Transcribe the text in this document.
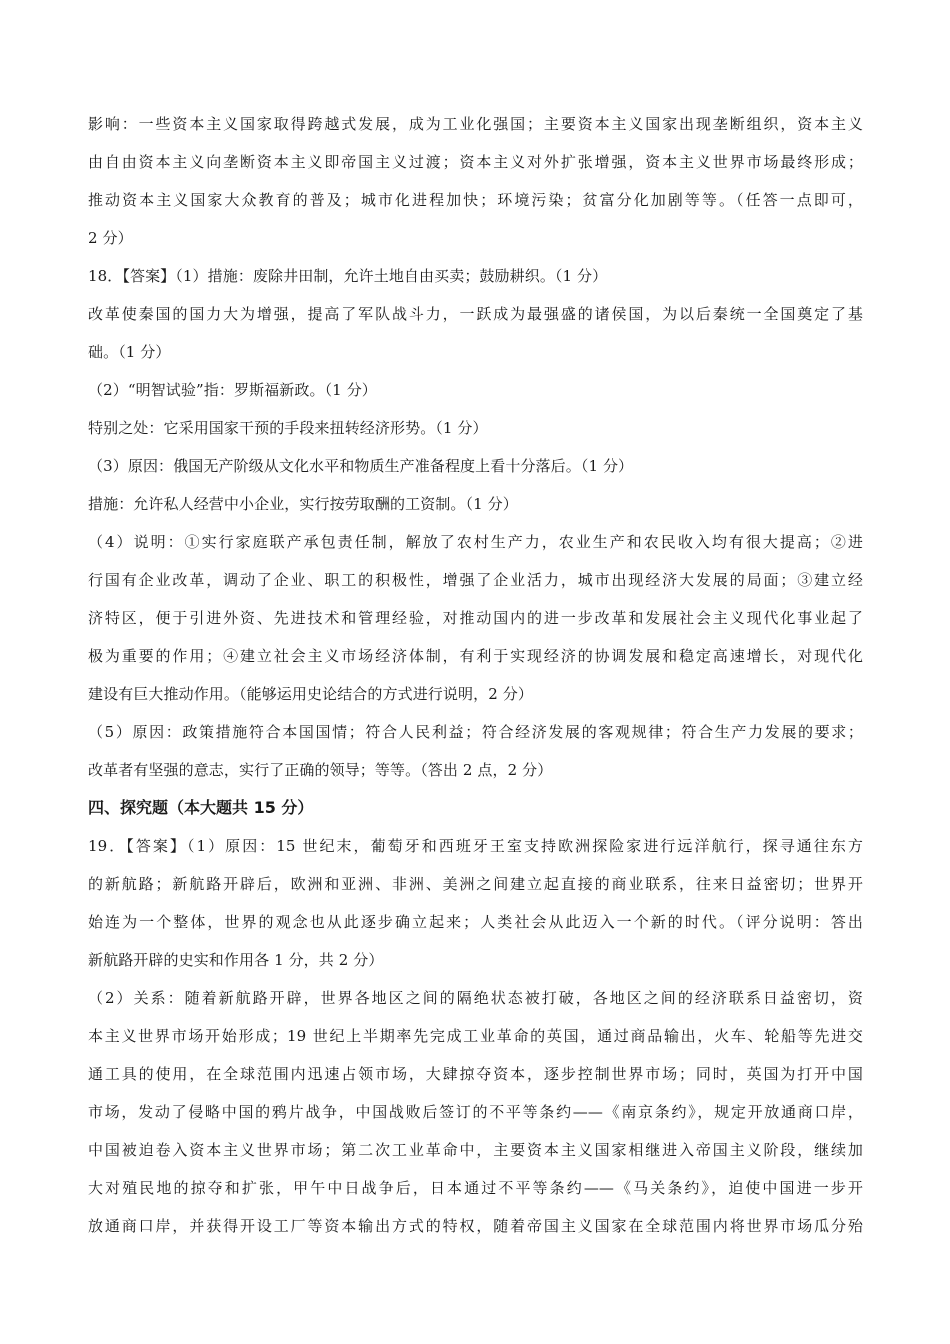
影响：一些资本主义国家取得跨越式发展，成为工业化强国；主要资本主义国家出现垄断组织，资本主义
由自由资本主义向垄断资本主义即帝国主义过渡；资本主义对外扩张增强，资本主义世界市场最终形成；
推动资本主义国家大众教育的普及；城市化进程加快；环境污染；贫富分化加剧等等。（任答一点即可，
2 分）
18．【答案】（1）措施：废除井田制，允许土地自由买卖；鼓励耕织。（1 分）
改革使秦国的国力大为增强，提高了军队战斗力，一跃成为最强盛的诸侯国，为以后秦统一全国奠定了基
础。（1 分）
（2）“明智试验”指：罗斯福新政。（1 分）
特别之处：它采用国家干预的手段来扭转经济形势。（1 分）
（3）原因：俄国无产阶级从文化水平和物质生产准备程度上看十分落后。（1 分）
措施：允许私人经营中小企业，实行按劳取酬的工资制。（1 分）
（4）说明：①实行家庭联产承包责任制，解放了农村生产力，农业生产和农民收入均有很大提高；②进
行国有企业改革，调动了企业、职工的积极性，增强了企业活力，城市出现经济大发展的局面；③建立经
济特区，便于引进外资、先进技术和管理经验，对推动国内的进一步改革和发展社会主义现代化事业起了
极为重要的作用；④建立社会主义市场经济体制，有利于实现经济的协调发展和稳定高速增长，对现代化
建设有巨大推动作用。（能够运用史论结合的方式进行说明，2 分）
（5）原因：政策措施符合本国国情；符合人民利益；符合经济发展的客观规律；符合生产力发展的要求；
改革者有坚强的意志，实行了正确的领导；等等。（答出 2 点，2 分）
四、探究题（本大题共 15 分）
19．【答案】（1）原因：15 世纪末，葡萄牙和西班牙王室支持欧洲探险家进行远洋航行，探寻通往东方
的新航路；新航路开辟后，欧洲和亚洲、非洲、美洲之间建立起直接的商业联系，往来日益密切；世界开
始连为一个整体，世界的观念也从此逐步确立起来；人类社会从此迈入一个新的时代。（评分说明：答出
新航路开辟的史实和作用各 1 分，共 2 分）
（2）关系：随着新航路开辟，世界各地区之间的隔绝状态被打破，各地区之间的经济联系日益密切，资
本主义世界市场开始形成；19 世纪上半期率先完成工业革命的英国，通过商品输出，火车、轮船等先进交
通工具的使用，在全球范围内迅速占领市场，大肆掠夺资本，逐步控制世界市场；同时，英国为打开中国
市场，发动了侵略中国的鸦片战争，中国战败后签订的不平等条约——《南京条约》，规定开放通商口岸，
中国被迫卷入资本主义世界市场；第二次工业革命中，主要资本主义国家相继进入帝国主义阶段，继续加
大对殖民地的掠夺和扩张，甲午中日战争后，日本通过不平等条约——《马关条约》，迫使中国进一步开
放通商口岸，并获得开设工厂等资本输出方式的特权，随着帝国主义国家在全球范围内将世界市场瓜分殆
